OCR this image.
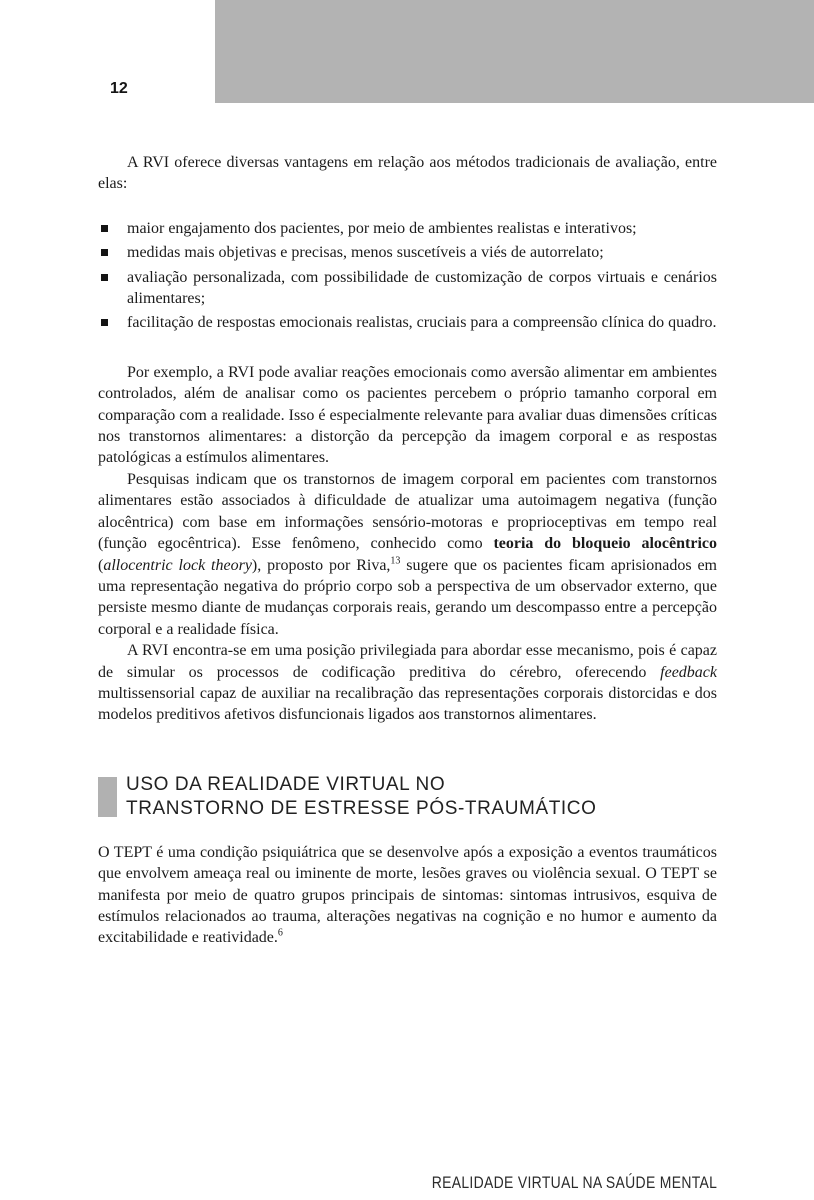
REALIDADE VIRTUAL NA SAÚDE MENTAL
12

A RVI oferece diversas vantagens em relação aos métodos tradicionais de avaliação, entre elas:

maior engajamento dos pacientes, por meio de ambientes realistas e interativos;
medidas mais objetivas e precisas, menos suscetíveis a viés de autorrelato;
avaliação personalizada, com possibilidade de customização de corpos virtuais e cenários alimentares;
facilitação de respostas emocionais realistas, cruciais para a compreensão clínica do quadro.

Por exemplo, a RVI pode avaliar reações emocionais como aversão alimentar em ambientes controlados, além de analisar como os pacientes percebem o próprio tamanho corporal em comparação com a realidade. Isso é especialmente relevante para avaliar duas dimensões críticas nos transtornos alimentares: a distorção da percepção da imagem corporal e as respostas patológicas a estímulos alimentares.

Pesquisas indicam que os transtornos de imagem corporal em pacientes com transtornos alimentares estão associados à dificuldade de atualizar uma autoimagem negativa (função alocêntrica) com base em informações sensório-motoras e proprioceptivas em tempo real (função egocêntrica). Esse fenômeno, conhecido como teoria do bloqueio alocêntrico (allocentric lock theory), proposto por Riva,$^{13}$ sugere que os pacientes ficam aprisionados em uma representação negativa do próprio corpo sob a perspectiva de um observador externo, que persiste mesmo diante de mudanças corporais reais, gerando um descompasso entre a percepção corporal e a realidade física.

A RVI encontra-se em uma posição privilegiada para abordar esse mecanismo, pois é capaz de simular os processos de codificação preditiva do cérebro, oferecendo feedback multissensorial capaz de auxiliar na recalibração das representações corporais distorcidas e dos modelos preditivos afetivos disfuncionais ligados aos transtornos alimentares.

USO DA REALIDADE VIRTUAL NO
TRANSTORNO DE ESTRESSE PÓS-TRAUMÁTICO

O TEPT é uma condição psiquiátrica que se desenvolve após a exposição a eventos traumáticos que envolvem ameaça real ou iminente de morte, lesões graves ou violência sexual. O TEPT se manifesta por meio de quatro grupos principais de sintomas: sintomas intrusivos, esquiva de estímulos relacionados ao trauma, alterações negativas na cognição e no humor e aumento da excitabilidade e reatividade.$^6$
